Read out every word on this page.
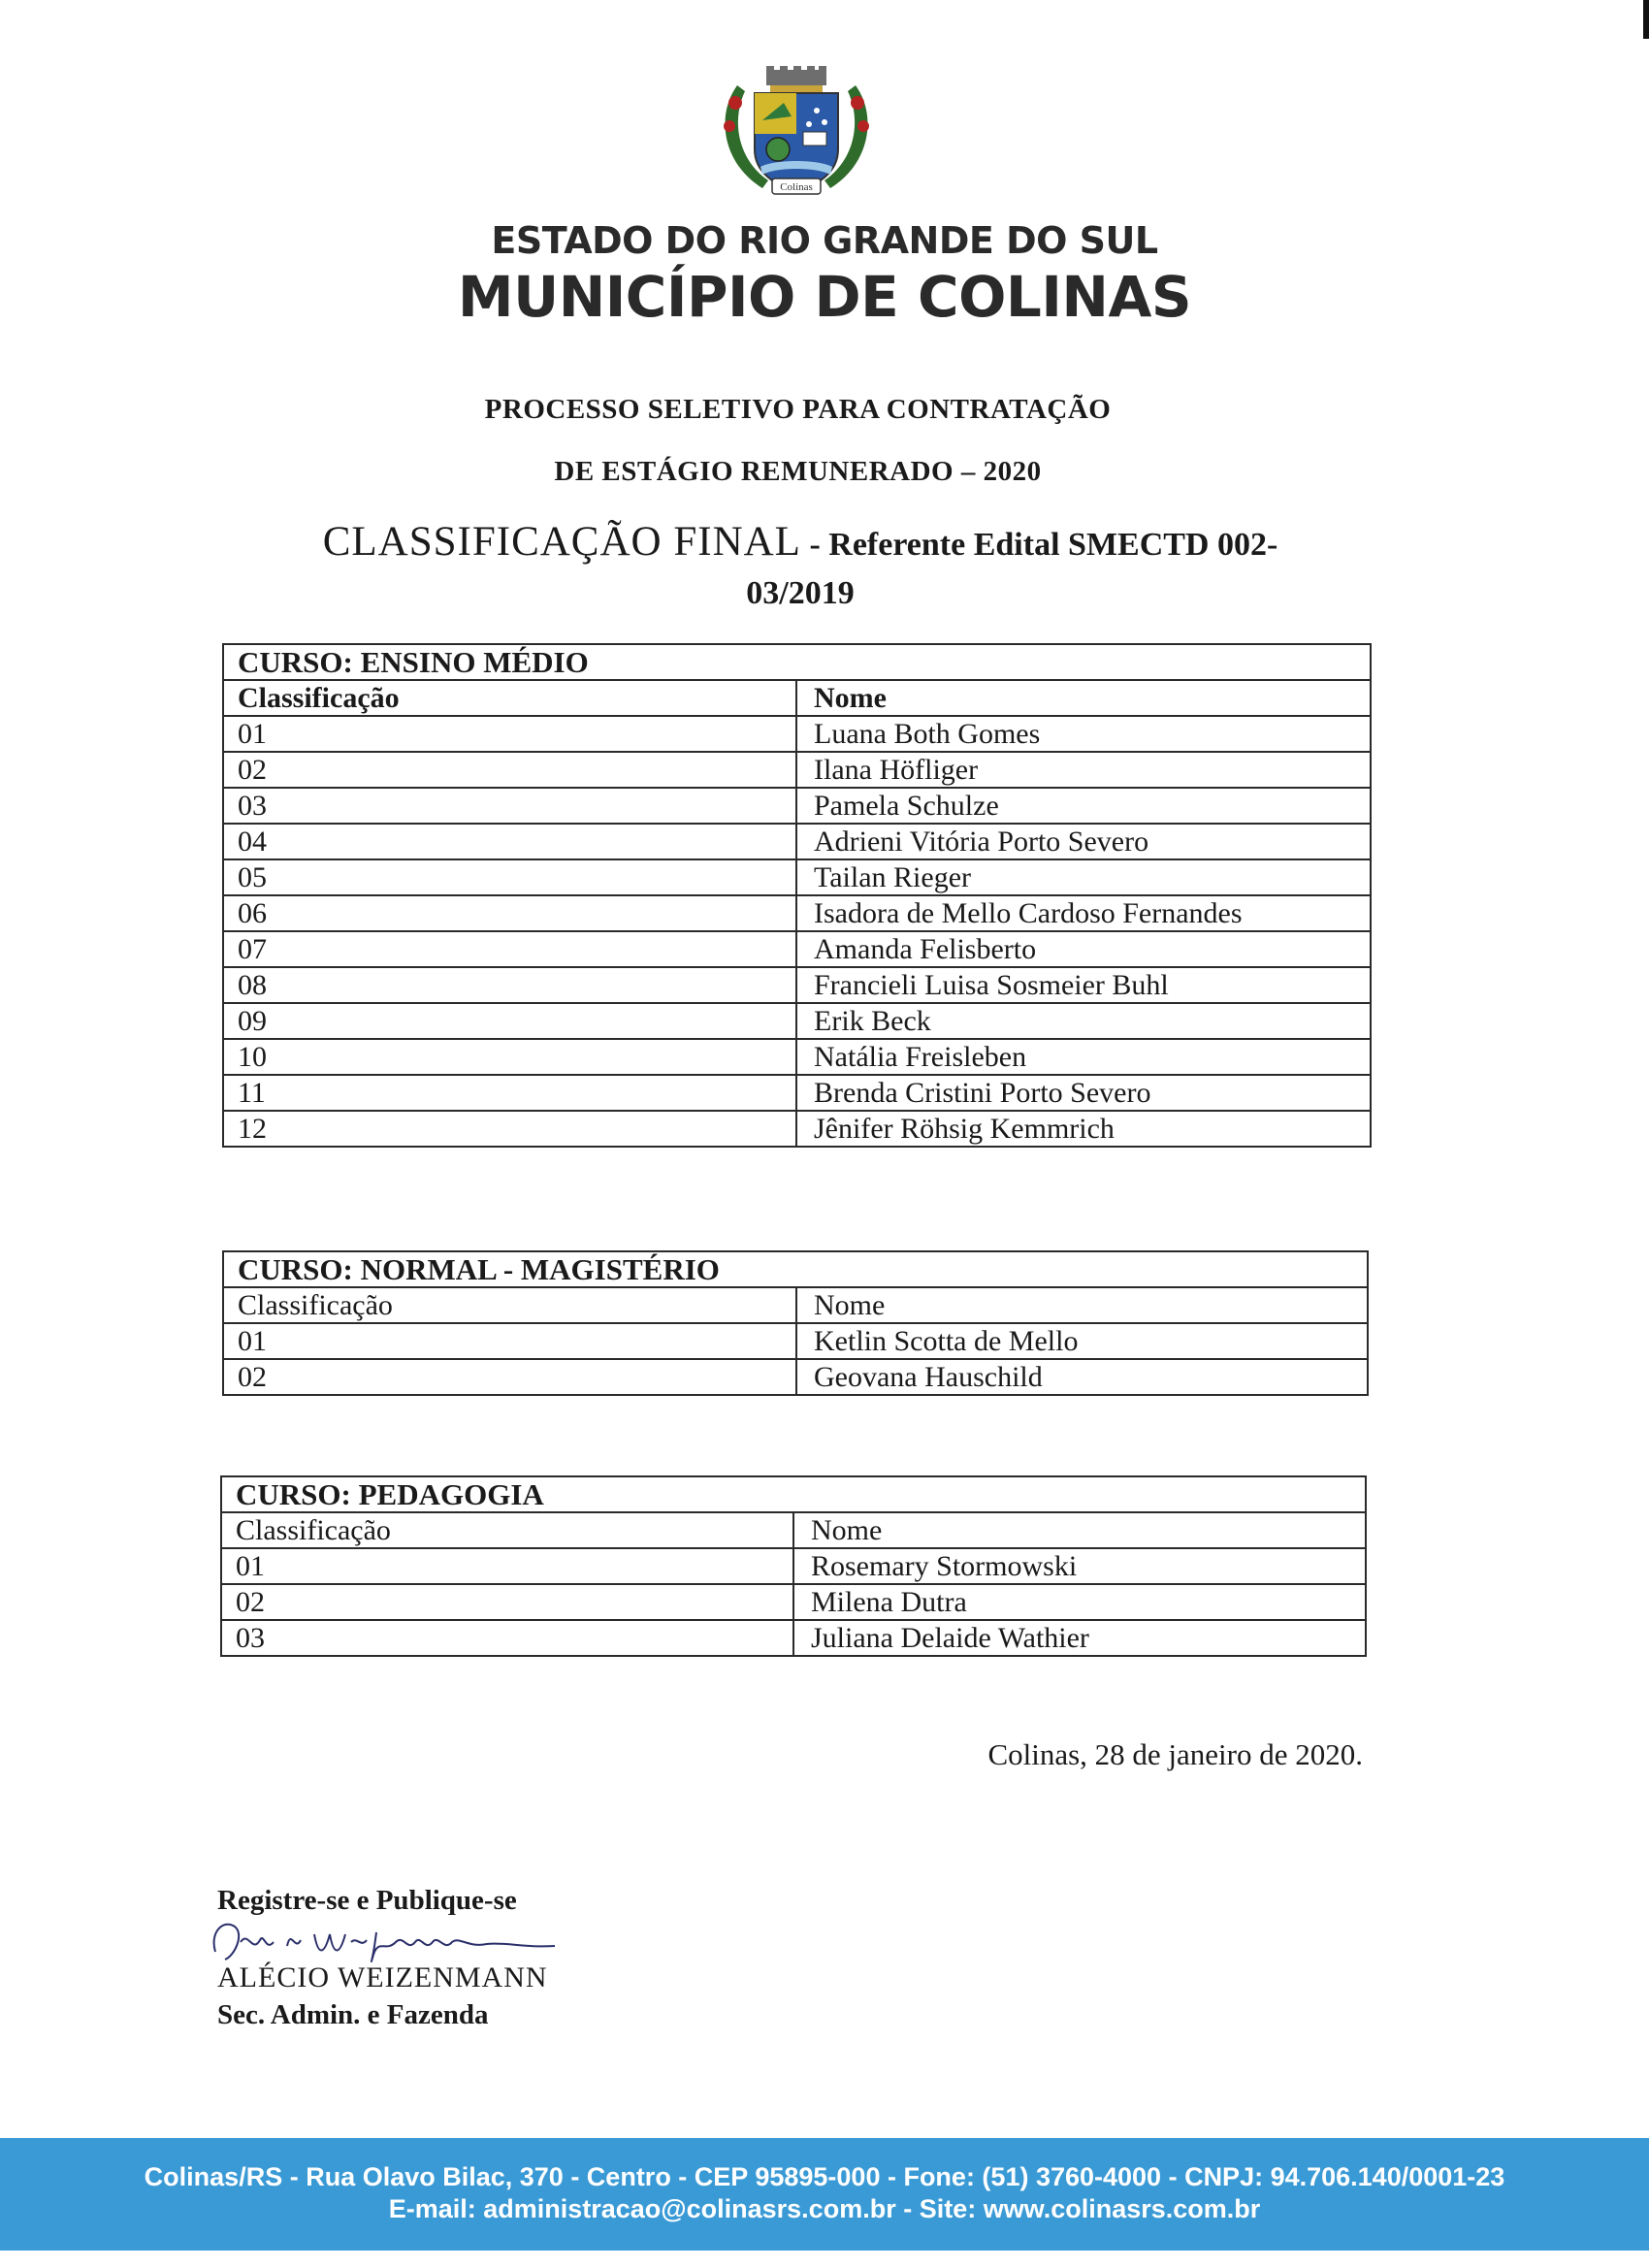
Colinas
ESTADO DO RIO GRANDE DO SUL
MUNICÍPIO DE COLINAS
PROCESSO SELETIVO PARA CONTRATAÇÃO
DE ESTÁGIO REMUNERADO – 2020
CLASSIFICAÇÃO FINAL - Referente Edital SMECTD 002-
03/2019
CURSO: ENSINO MÉDIO	
Classificação	Nome
01	Luana Both Gomes
02	Ilana Höfliger
03	Pamela Schulze
04	Adrieni Vitória Porto Severo
05	Tailan Rieger
06	Isadora de Mello Cardoso Fernandes
07	Amanda Felisberto
08	Francieli Luisa Sosmeier Buhl
09	Erik Beck
10	Natália Freisleben
11	Brenda Cristini Porto Severo
12	Jênifer Röhsig Kemmrich
CURSO: NORMAL - MAGISTÉRIO	
Classificação	Nome
01	Ketlin Scotta de Mello
02	Geovana Hauschild
CURSO: PEDAGOGIA	
Classificação	Nome
01	Rosemary Stormowski
02	Milena Dutra
03	Juliana Delaide Wathier
Colinas, 28 de janeiro de 2020.
Registre-se e Publique-se
ALÉCIO WEIZENMANN
Sec. Admin. e Fazenda
Colinas/RS - Rua Olavo Bilac, 370 - Centro - CEP 95895-000 - Fone: (51) 3760-4000 - CNPJ: 94.706.140/0001-23
E-mail: administracao@colinasrs.com.br - Site: www.colinasrs.com.br
